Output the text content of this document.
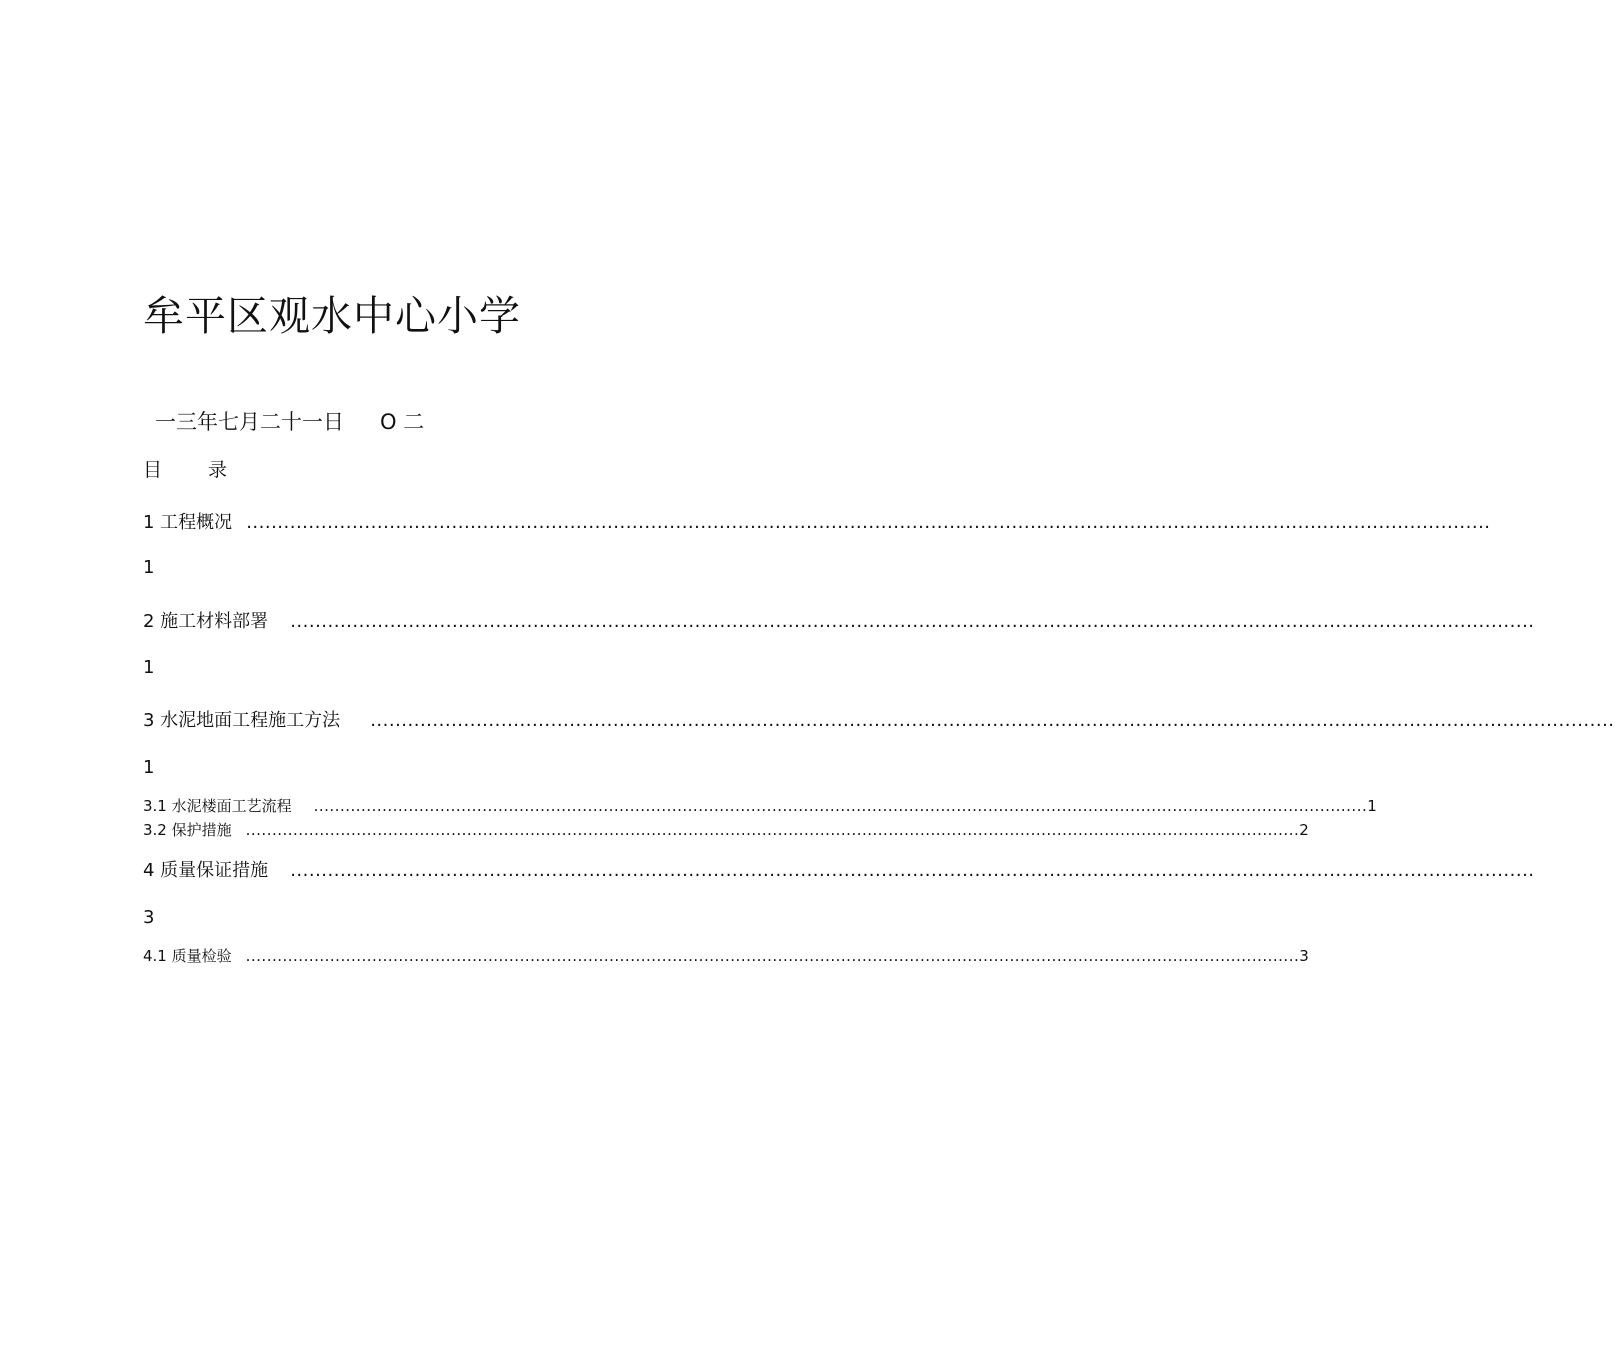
牟平区观水中心小学
一三年七月二十一日 O 二
目 录
1 工程概况 ........................................................................................................................................................................................................
1
2 施工材料部署 ........................................................................................................................................................................................................
1
3 水泥地面工程施工方法 ........................................................................................................................................................................................................
1
3.1 水泥楼面工艺流程 ........................................................................................................................................................................................................ 1
3.2 保护措施 ........................................................................................................................................................................................................ 2
4 质量保证措施 ........................................................................................................................................................................................................
3
4.1 质量检验 ........................................................................................................................................................................................................ 3
